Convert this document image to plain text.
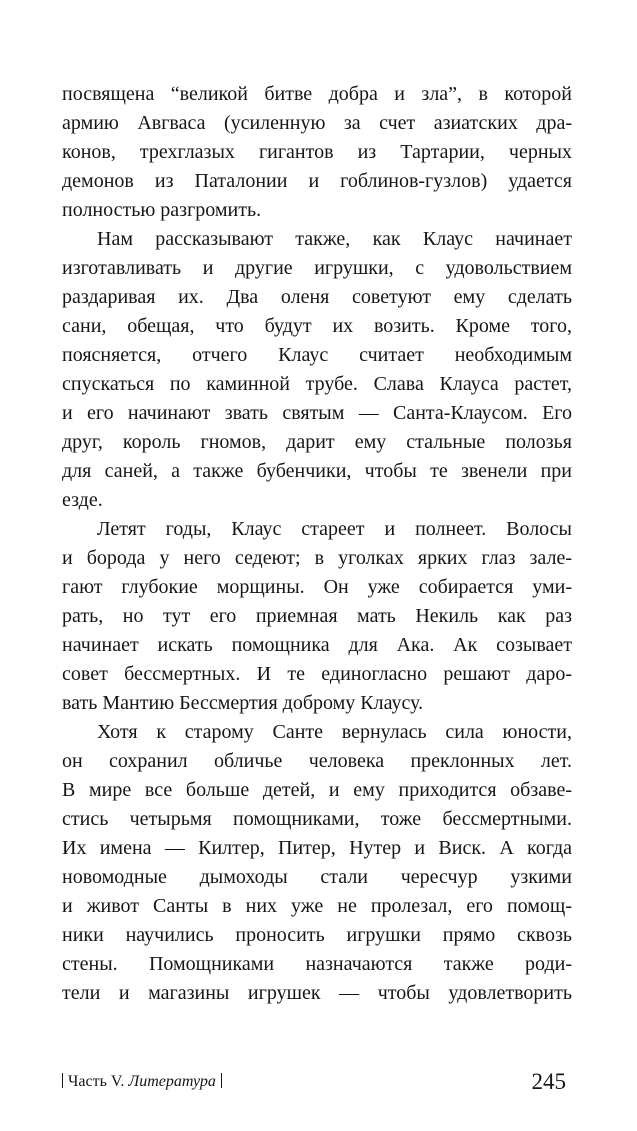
посвящена “великой битве добра и зла”, в которой
армию Авгваса (усиленную за счет азиатских дра-
конов, трехглазых гигантов из Тартарии, черных
демонов из Паталонии и гоблинов-гузлов) удается
полностью разгромить.
Нам рассказывают также, как Клаус начинает
изготавливать и другие игрушки, с удовольствием
раздаривая их. Два оленя советуют ему сделать
сани, обещая, что будут их возить. Кроме того,
поясняется, отчего Клаус считает необходимым
спускаться по каминной трубе. Слава Клауса растет,
и его начинают звать святым — Санта-Клаусом. Его
друг, король гномов, дарит ему стальные полозья
для саней, а также бубенчики, чтобы те звенели при
езде.
Летят годы, Клаус стареет и полнеет. Волосы
и борода у него седеют; в уголках ярких глаз зале-
гают глубокие морщины. Он уже собирается уми-
рать, но тут его приемная мать Некиль как раз
начинает искать помощника для Ака. Ак созывает
совет бессмертных. И те единогласно решают даро-
вать Мантию Бессмертия доброму Клаусу.
Хотя к старому Санте вернулась сила юности,
он сохранил обличье человека преклонных лет.
В мире все больше детей, и ему приходится обзаве-
стись четырьмя помощниками, тоже бессмертными.
Их имена — Килтер, Питер, Нутер и Виск. А когда
новомодные дымоходы стали чересчур узкими
и живот Санты в них уже не пролезал, его помощ-
ники научились проносить игрушки прямо сквозь
стены. Помощниками назначаются также роди-
тели и магазины игрушек — чтобы удовлетворить
Часть V. Литература	245
